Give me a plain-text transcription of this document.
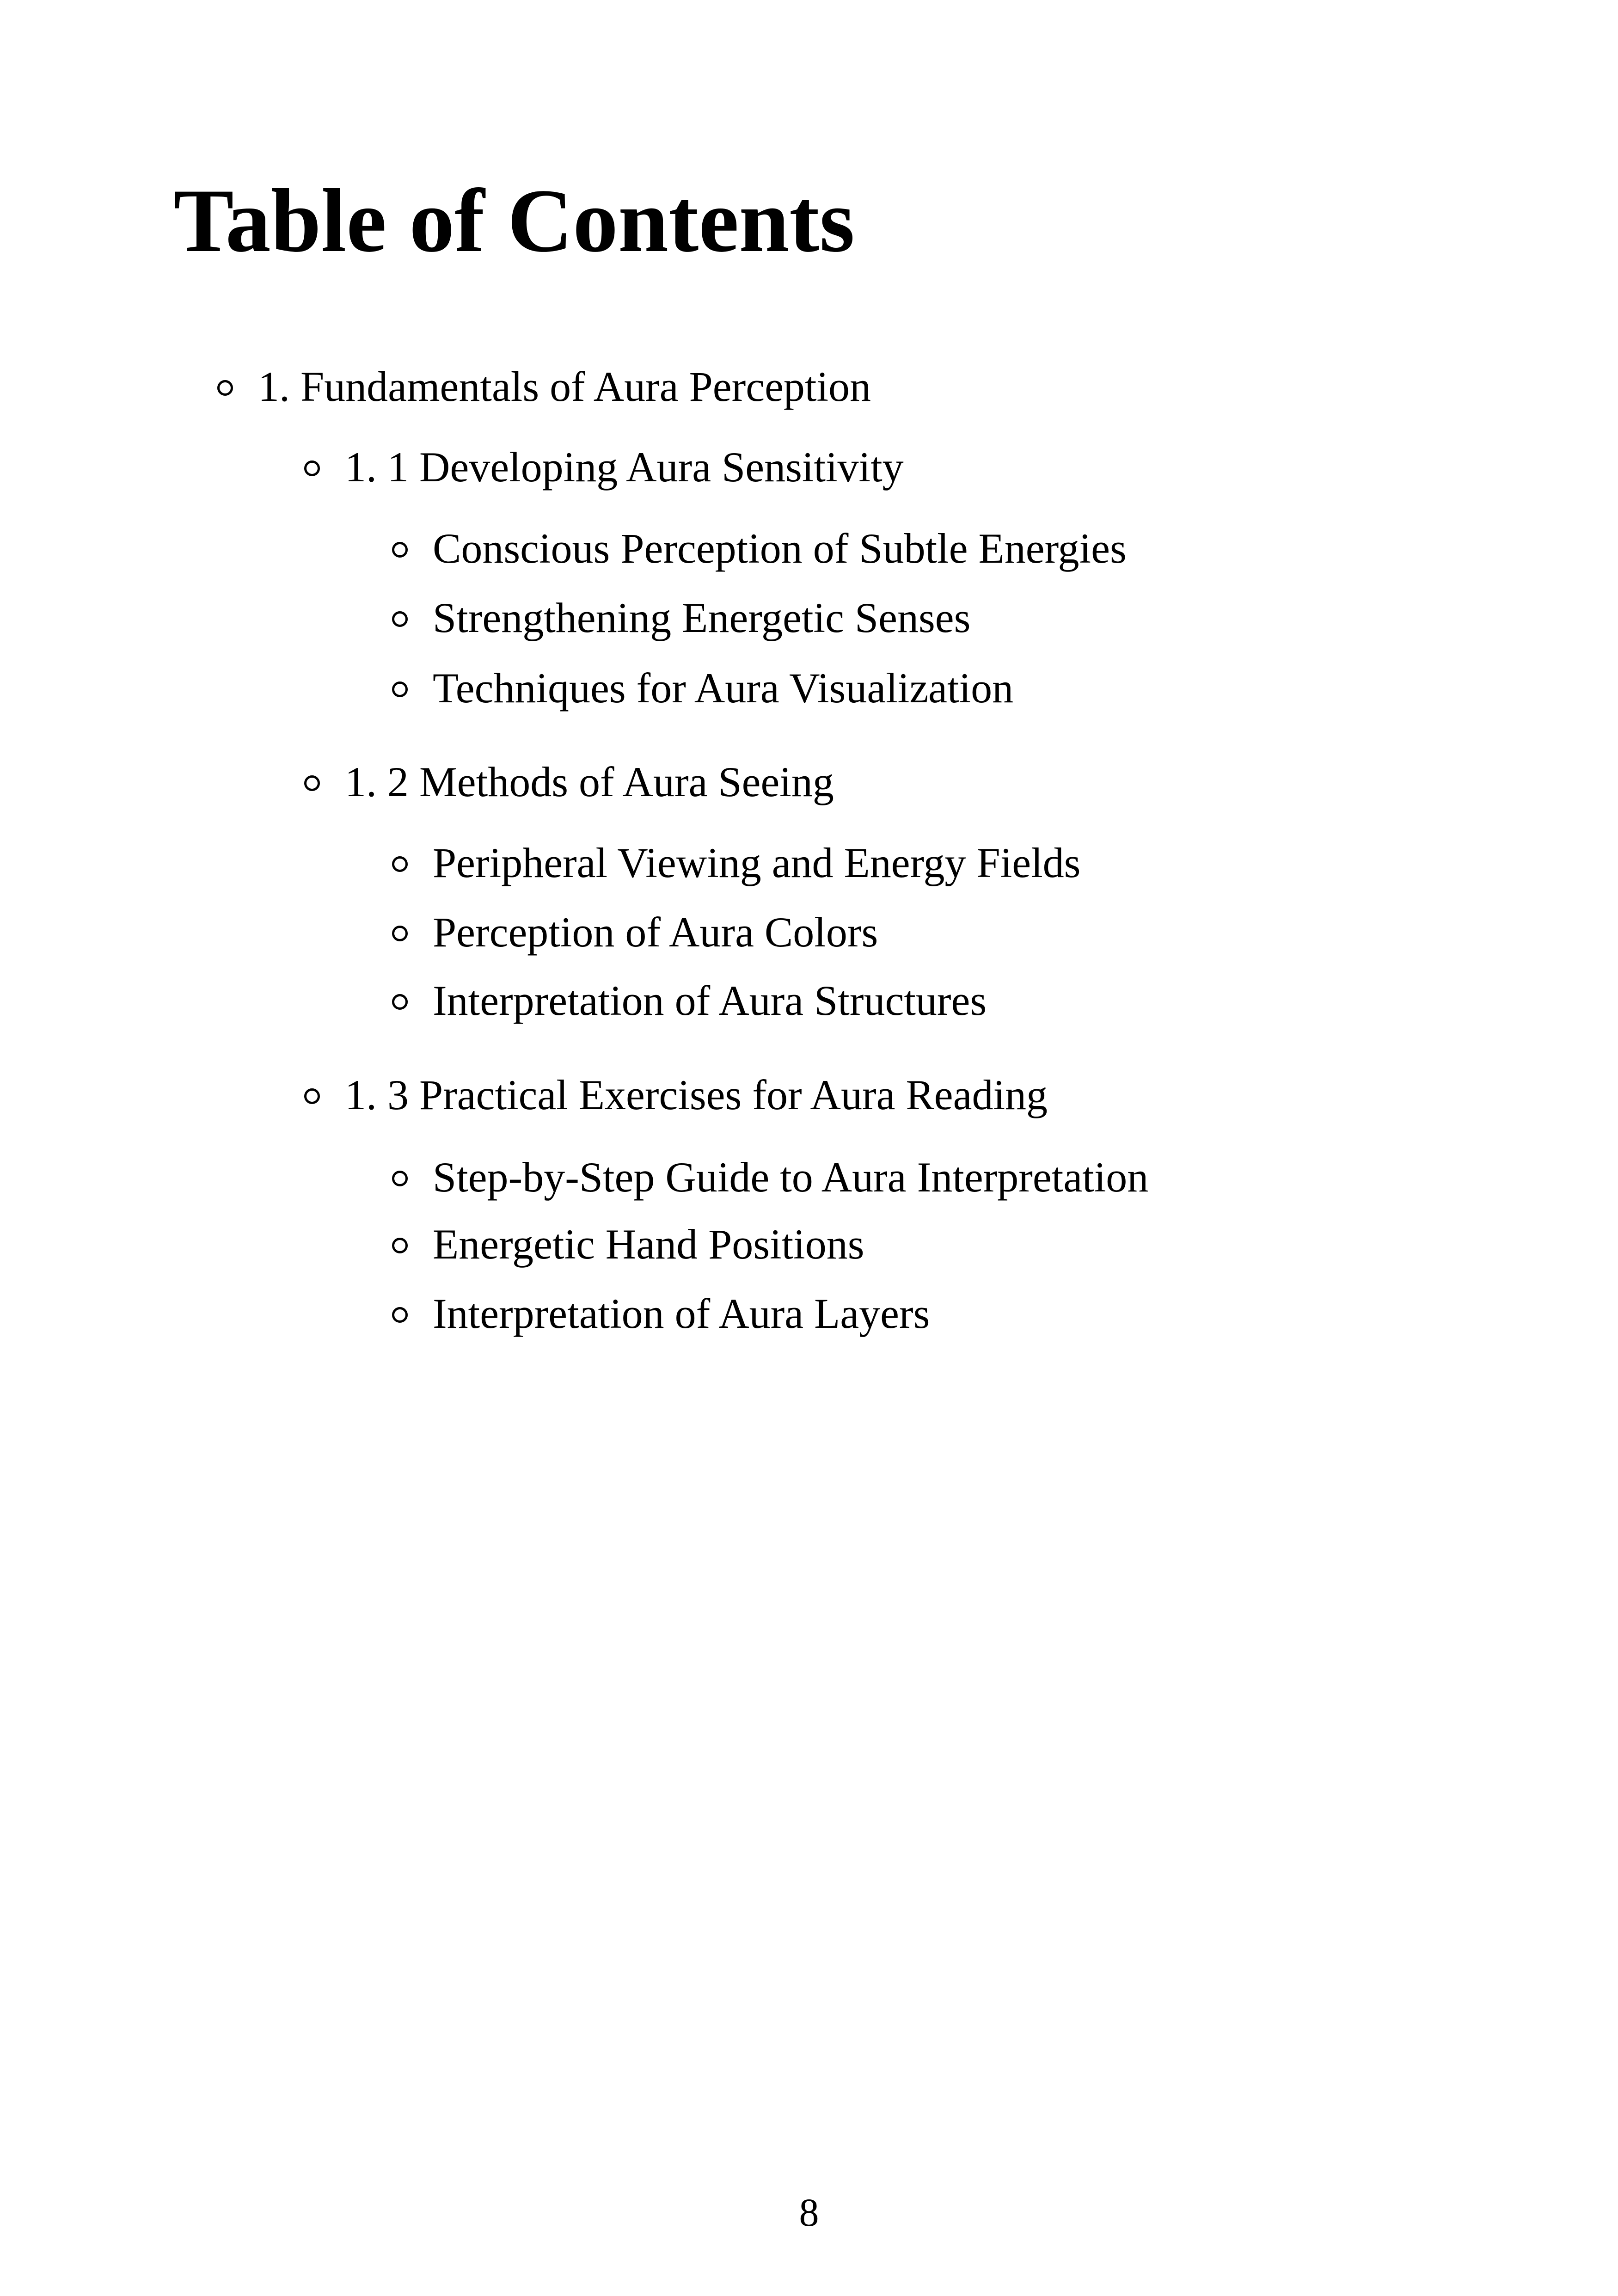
Table of Contents
1. Fundamentals of Aura Perception
1. 1 Developing Aura Sensitivity
Conscious Perception of Subtle Energies
Strengthening Energetic Senses
Techniques for Aura Visualization
1. 2 Methods of Aura Seeing
Peripheral Viewing and Energy Fields
Perception of Aura Colors
Interpretation of Aura Structures
1. 3 Practical Exercises for Aura Reading
Step-by-Step Guide to Aura Interpretation
Energetic Hand Positions
Interpretation of Aura Layers
8
